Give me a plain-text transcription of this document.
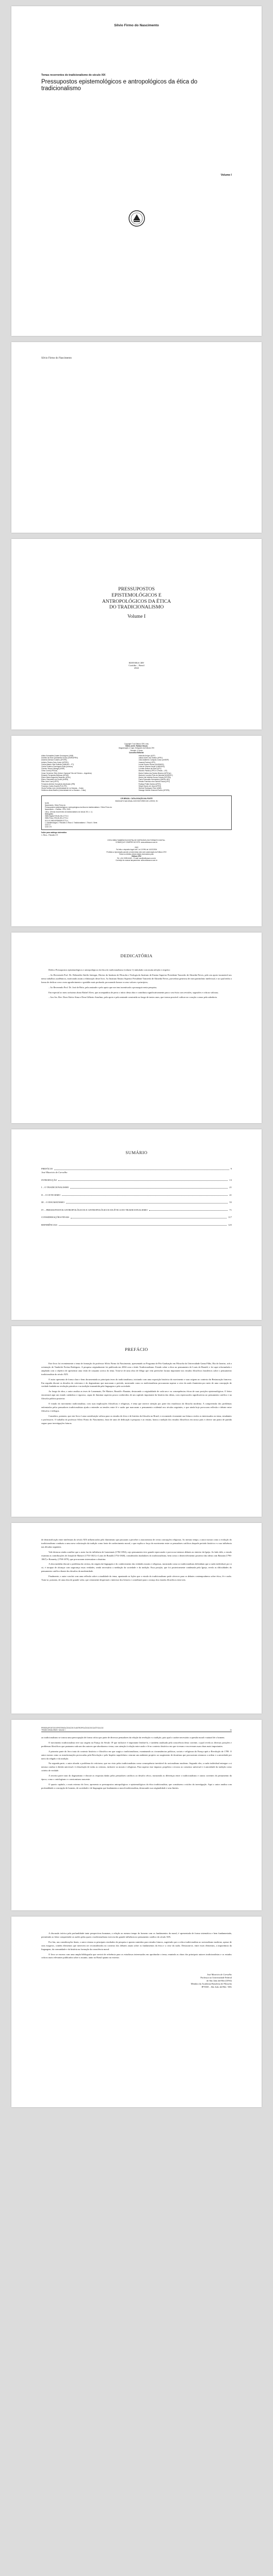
Sílvio Firmo do Nascimento

Temas recorrentes do tradicionalismo do século XIX

Pressupostos epistemológicos e antropológicos da ética do tradicionalismo

Volume I

Sílvio Firmo do Nascimento

PRESSUPOSTOS
EPISTEMOLÓGICOS E
ANTROPOLÓGICOS DA ÉTICA
DO TRADICIONALISMO

Volume I

EDITORA CRV

Curitiba – Brasil

2022

Copyright © da Editora CRV Ltda.

Editor-chefe: Railson Moura

Diagramação e Capa: Designers da Editora CRV

Revisão: O Autor

Conselho Editorial:

Aldira Guimarães Duarte Domínguez (UNB)
Andréia da Silva Quintanilha Sousa (UNIR/UFRN)
Anselmo Alencar Colares (UFOPA)
Antônio Pereira Gaio Júnior (UFRRJ)
Carlos Alberto Vilar Estêvão (UMINHO – PT)
Carlos Federico Dominguez Avila (Unieuro)
Carmen Tereza Velanga (UNIR)
Celso Conti (UFSCar)
Cesar Gerónimo Tello (Univer. Nacional Três de Febrero – Argentina)
Eduardo Fernandes Barbosa (UFMG)
Elione Maria Nogueira Diogenes (UFAL)
Elizeu Clementino de Souza (UNEB)
Élsio José Corá (UFFS)
Fernando Antônio Gonçalves Alcoforado (IPB)
Francisco Carlos Duarte (PUC-PR)
Gloria Fariñas León (Universidade de La Havana – Cuba)
Guillermo Arias Beatón (Universidade de La Havana – Cuba)
Helmuth Krüger (UCP)
Jailson Alves dos Santos (UFRJ)
João Adalberto Campato Junior (UNESP)
Josania Portela (UFPI)
Leonel Severo Rocha (UNISINOS)
Lídia de Oliveira Xavier (UNIEURO)
Lourdes Helena da Silva (UFV)
Marcelo Paixão (UFRJ e UTexas – US)
Maria Cristina dos Santos Bezerra (UFSCar)
Maria de Lourdes Pinto de Almeida (UNOESC)
Maria Lília Imbiriba Sousa Colares (UFOPA)
Paulo Romualdo Hernandes (UNIFAL-MG)
Renato Francisco dos Santos Paula (UFG)
Rodrigo Pratte-Santos (UFES)
Sérgio Nunes de Jesus (IFRO)
Simone Rodrigues Pinto (UNB)
Solange Helena Ximenes-Rocha (UFOPA)

CIP-BRASIL. CATALOGAÇÃO-NA-FONTE

SINDICATO NACIONAL DOS EDITORES DE LIVROS, RJ

N195
Nascimento, Sílvio Firmo do
Pressupostos epistemológicos e antropológicos da ética do tradicionalismo / Sílvio Firmo do
Nascimento – Curitiba : CRV, 2022.
136 p. (Temas recorrentes do tradicionalismo do século XIX, v. 1)
Bibliografia
ISBN Digital 978-65-251-2770-3
ISBN Físico 978-65-251-2773-4
DOI 10.24824/978652512773.4
1. Epistemologia 2. Filosofia 3. Ética 4. Tradicionalismo I. Título II. Série.
CDU 17
CDD 170

Índice para catálogo sistemático

1. Ética – Filosofia 170

ESTA OBRA TAMBÉM ENCONTRA-SE DISPONÍVEL EM FORMATO DIGITAL.

CONHEÇA E COMPRE NO SITE: www.editoracrv.com.br

2022
Foi feito o depósito legal conf. Lei 10.994 de 14/12/2004
Proibida a reprodução parcial ou total desta obra sem autorização da Editora CRV
Todos os direitos desta edição reservados pela:
Editora CRV
Tel.: (41) 3039-6418 – E-mail: sac@editoracrv.com.br
Conheça os nossos lançamentos: www.editoracrv.com.br

DEDICATÓRIA

Dedico Pressupostos epistemológicos e antropológicos da ética do tradicionalismo (volume 1) intitulado com muita afeição e respeito:

– Ao Reverendo Prof. Dr. Deberaldo Adolfo Jaúregui, Diretor do Instituto de Filosofia e Teologia do Instituto de Ensino Superior Presidente Tancredo de Almeida Neves, pelo seu apoio incansável aos meus trabalhos acadêmicos, motivando assim a elaboração deste livro. Ao Instituto Ensino Superior Presidente Tancredo de Almeida Neves, provedora generosa de meu patrimônio intelectual, e ao qual tenho a honra de dedicar com o meu agradecimento e gratidão mais profunda, procurando honrar os seus valores e princípios;

– Ao Reverendo Prof. Dr. José de Brito, pela amizade e pelo apoio que me tem incentivado a prosseguir nesta pesquisa;

Em especial ao meu caríssimo aluno Rafael Alves, que acompanhou de perto o início desta obra e contribuiu significativamente para o seu êxito com revisões, sugestões e críticas valiosas;

– Aos Srs. Rev. Dom Otávio Sima e Dom Gilberto Anselmo, pelo apoio e pela amizade construída ao longo de tantos anos, que tornou possível cultivar no coração o amor pela sabedoria.

SUMÁRIO

PREFÁCIO	9
José Mauricio de Carvalho
INTRODUÇÃO	13
I – O TRADICIONALISMO	21
II – O CETICISMO	41
III – O DOGMATISMO	55
IV – PRESSUPOSTOS ANTROPOLÓGICOS E ANTROPOLÓGICOS DA ÉTICA DO TRADICIONALISMO	71
CONSIDERAÇÕES FINAIS	117
REFERÊNCIAS	125

PREFÁCIO

Este livro foi recentemente o tema de formação do professor Sílvio Firmo do Nascimento, apresentado ao Programa de Pós-Graduação em Filosofia da Universidade Gama Filho, Rio de Janeiro, sob a orientação de Vanderlei Freitas Rodrigues. A pesquisa originalmente foi publicada em 2004 com o título Tradicionalismo: Estudo sobre a ética no pensamento de Louis de Bonald, e foi aqui reformulada e ampliada com o objetivo de apresentar uma visão de conjunto acerca do tema. Trata-se de uma obra de fôlego que vem preencher lacuna importante nos estudos filosóficos brasileiros sobre o pensamento tradicionalista do século XIX.

O autor apresenta de forma clara e bem documentada as principais teses do tradicionalismo, iniciando com uma exposição histórica do movimento e suas origens no contexto da Restauração francesa. Em seguida discute os desafios do ceticismo e do dogmatismo que marcaram o período, mostrando como os tradicionalistas procuraram superar a crise da razão iluminista por meio de uma concepção de verdade fundada na revelação primitiva e na tradição transmitida pela linguagem e pela sociedade.

Ao longo da obra, o autor analisa as teses de Lamennais, De Maistre, Bonald e Bautain, destacando a originalidade de cada um e as consequências éticas de suas posições epistemológicas. O leitor encontrará aqui um estudo cuidadoso e rigoroso, capaz de iluminar aspectos pouco conhecidos de um capítulo importante da história das ideias, com repercussões significativas no pensamento católico e na filosofia política posterior.

O estudo do movimento tradicionalista, com suas implicações filosóficas e religiosas, é tema que merece atenção por parte dos estudiosos da filosofia moderna. A compreensão dos problemas enfrentados pelos pensadores tradicionalistas ajuda a entender as tensões entre fé e razão que marcaram o pensamento ocidental nos séculos seguintes, e que ainda hoje provocam reflexão e debate entre filósofos e teólogos.

Considero, portanto, que este livro é uma contribuição valiosa para os estudos de ética e de história da filosofia no Brasil, e recomendo vivamente sua leitura a todos os interessados no tema, estudantes e professores. O trabalho do professor Sílvio Firmo do Nascimento, fruto de anos de dedicação à pesquisa e ao ensino, honra a tradição dos estudos filosóficos em nosso país e oferece um ponto de partida seguro para investigações futuras.

de desmistificação entre inteletuais do século XIX influenciados pelo iluminismo que passaram a perceber o anacronismo de certas concepções religiosas. Ao mesmo tempo, o autor mostra como a evolução do tradicionalismo conduziu a uma nova valorização da tradição como fonte de conhecimento moral, o que explica a força do movimento entre os pensadores católicos daquele período histórico e a sua influência nas décadas seguintes.

Vale destacar ainda a análise que o autor faz da influência de Lamennais (1782-1854), cujo pensamento teve grande repercussão e provocou intensos debates no interior da Igreja. Ao lado dele, o estudo examina as contribuições de Joseph de Maistre (1753-1821) e Louis de Bonald (1754-1840), considerados fundadores do tradicionalismo, bem como o desenvolvimento posterior das ideias com Bautain (1796-1867) e Bonnetty (1798-1879), que procuraram sistematizar a doutrina.

A obra também discute o problema da certeza, da origem da linguagem e do conhecimento das verdades morais e religiosas, mostrando como os tradicionalistas defendiam que a razão individual, por si só, é incapaz de alcançar com segurança essas verdades, sendo necessária a mediação da sociedade e da tradição. Essa posição, que foi posteriormente condenada pela Igreja, revela as dificuldades do pensamento católico diante dos desafios da modernidade.

Finalmente, o autor conclui com uma reflexão sobre a atualidade do tema, apontando as lições que o estudo do tradicionalismo pode oferecer para os debates contemporâneos sobre ética, fé e razão. Trata-se, portanto, de uma obra de grande valor, que certamente despertará o interesse dos leitores e contribuirá para o avanço dos estudos filosóficos entre nós.

PRESSUPOSTOS EPISTEMOLÓGICOS E ANTROPOLÓGICOS DA ÉTICA DO
TRADICIONALISMO: Volume I	11

ao tradicionalismo se tornou uma preocupação de forma crítica por parte de diversos pensadores da relação da revelação e a tradição, pois qual o caráter necessário a questão moral e natural de o homem.

O movimento tradicionalista teve sua origem na França do Século 19 que inclusive é importante lembrá-lo, e também analisada pela consciência desta corrente, a qual revela as diversas posições e problemas filosóficos que pautaram cada um dos autores que abordaram o tema, com atenção à relação entre razão e fé no contexto histórico em que viveram e escreveram suas obras mais importantes.

A primeira parte do livro trata do contexto histórico e filosófico em que surgiu o tradicionalismo, examinando as circunstâncias políticas, sociais e religiosas da França após a Revolução de 1789. O autor mostra como as transformações provocadas pela Revolução e pelo Império napoleônico criaram um ambiente propício ao surgimento de doutrinas que procuravam restaurar a ordem e a autoridade por meio da religião e da tradição.

Na segunda parte, o autor aborda o problema do ceticismo, que era visto pelos tradicionalistas como consequência inevitável do racionalismo moderno. Segundo eles, a razão individual entregue a si mesma conduz à dúvida universal e à dissolução de todas as certezas, inclusive as morais e religiosas. Para superar esse impasse, propõem o recurso ao consenso universal e à autoridade da tradição como critério de verdade.

A terceira parte trata do dogmatismo e discute as respostas dadas pelos pensadores católicos ao desafio cético, mostrando as diferenças entre o tradicionalismo e outras correntes do pensamento da época, como o ontologismo e o neotomismo nascente.

O quarto capítulo, o mais extenso do livro, apresenta os pressupostos antropológicos e epistemológicos da ética tradicionalista, que constituem o núcleo da investigação. Aqui o autor analisa com profundidade a concepção de homem, de sociedade e de linguagem que fundamenta a moral tradicionalista, destacando sua originalidade e seus limites.

A discussão teórica pela profundidade tanto perspectivas humanas, a relação ao mesmo tempo do homem com os fundamentos da moral, é apresentada de forma sistemática e bem fundamentada, permitindo ao leitor compreender as razões pelas quais o tradicionalismo exerceu tão grande influência no pensamento católico do século XIX.

Por fim, nas considerações finais, o autor retoma os principais resultados da pesquisa e aponta caminhos para estudos futuros, sugerindo que a crítica tradicionalista ao racionalismo moderno, apesar de seus exageros, contém elementos que merecem ser reconsiderados no contexto dos debates atuais sobre os fundamentos da ética e a crise da razão. Destacam-se, entre esses elementos, a importância da linguagem, da comunidade e da história na formação da consciência moral.

O livro se encerra com uma ampla bibliografia que servirá de referência para os estudiosos interessados em aprofundar o tema, reunindo as obras dos principais autores tradicionalistas e os estudos críticos mais relevantes publicados sobre o assunto, tanto no Brasil quanto no exterior.

José Mauricio de Carvalho
Professor na Universidade Federal
de São João del-Rei (UFSJ)
Membro da Academia Brasileira de Filosofia
IFTSDJ – São João del-Rei / MG
